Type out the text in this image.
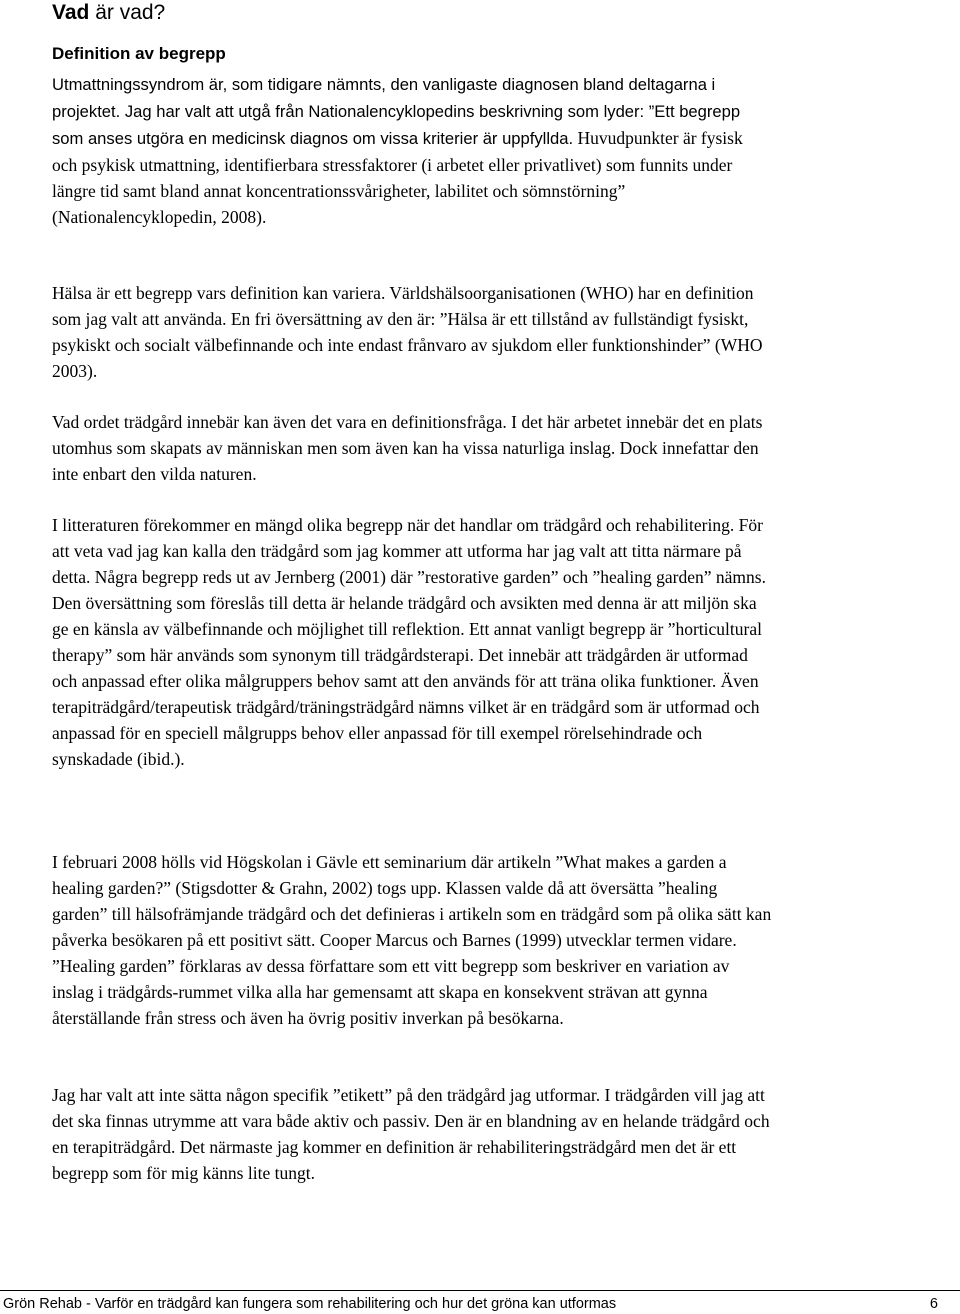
Vad är vad?
Definition av begrepp

Utmattningssyndrom är, som tidigare nämnts, den vanligaste diagnosen bland deltagarna i projektet. Jag har valt att utgå från Nationalencyklopedins beskrivning som lyder: ”Ett begrepp som anses utgöra en medicinsk diagnos om vissa kriterier är uppfyllda. Huvudpunkter är fysisk och psykisk utmattning, identifierbara stressfaktorer (i arbetet eller privatlivet) som funnits under längre tid samt bland annat koncentrationssvårigheter, labilitet och sömnstörning” (Nationalencyklopedin, 2008).

Hälsa är ett begrepp vars definition kan variera. Världshälsoorganisationen (WHO) har en definition som jag valt att använda. En fri översättning av den är: ”Hälsa är ett tillstånd av fullständigt fysiskt, psykiskt och socialt välbefinnande och inte endast frånvaro av sjukdom eller funktionshinder” (WHO 2003).

Vad ordet trädgård innebär kan även det vara en definitionsfråga. I det här arbetet innebär det en plats utomhus som skapats av människan men som även kan ha vissa naturliga inslag. Dock innefattar den inte enbart den vilda naturen.

I litteraturen förekommer en mängd olika begrepp när det handlar om trädgård och rehabilitering. För att veta vad jag kan kalla den trädgård som jag kommer att utforma har jag valt att titta närmare på detta. Några begrepp reds ut av Jernberg (2001) där ”restorative garden” och ”healing garden” nämns. Den översättning som föreslås till detta är helande trädgård och avsikten med denna är att miljön ska ge en känsla av välbefinnande och möjlighet till reflektion. Ett annat vanligt begrepp är ”horticultural therapy” som här används som synonym till trädgårdsterapi. Det innebär att trädgården är utformad och anpassad efter olika målgruppers behov samt att den används för att träna olika funktioner. Även terapiträdgård/terapeutisk trädgård/träningsträdgård nämns vilket är en trädgård som är utformad och anpassad för en speciell målgrupps behov eller anpassad för till exempel rörelsehindrade och synskadade (ibid.).

I februari 2008 hölls vid Högskolan i Gävle ett seminarium där artikeln ”What makes a garden a healing garden?” (Stigsdotter & Grahn, 2002) togs upp. Klassen valde då att översätta ”healing garden” till hälsofrämjande trädgård och det definieras i artikeln som en trädgård som på olika sätt kan påverka besökaren på ett positivt sätt. Cooper Marcus och Barnes (1999) utvecklar termen vidare. ”Healing garden” förklaras av dessa författare som ett vitt begrepp som beskriver en variation av inslag i trädgårds-rummet vilka alla har gemensamt att skapa en konsekvent strävan att gynna återställande från stress och även ha övrig positiv inverkan på besökarna.

Jag har valt att inte sätta någon specifik ”etikett” på den trädgård jag utformar. I trädgården vill jag att det ska finnas utrymme att vara både aktiv och passiv. Den är en blandning av en helande trädgård och en terapiträdgård. Det närmaste jag kommer en definition är rehabiliteringsträdgård men det är ett begrepp som för mig känns lite tungt.

Grön Rehab - Varför en trädgård kan fungera som rehabilitering och hur det gröna kan utformas	6
